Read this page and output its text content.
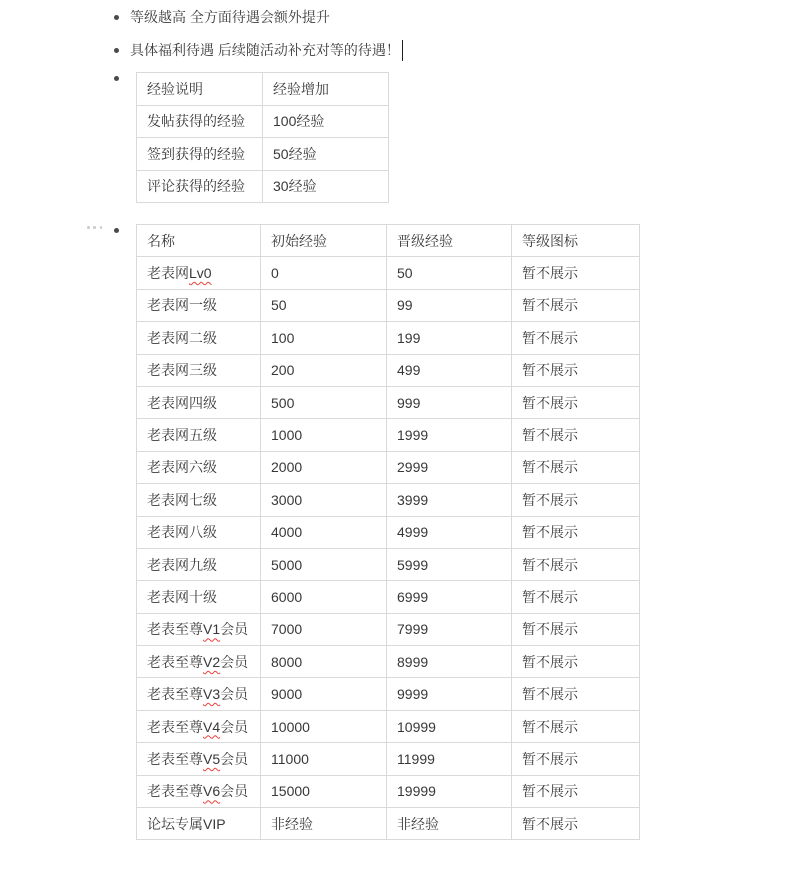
等级越高 全方面待遇会额外提升
具体福利待遇 后续随活动补充对等的待遇！
经验说明	经验增加
发帖获得的经验	100经验
签到获得的经验	50经验
评论获得的经验	30经验
名称	初始经验	晋级经验	等级图标
老表网Lv0	0	50	暂不展示
老表网一级	50	99	暂不展示
老表网二级	100	199	暂不展示
老表网三级	200	499	暂不展示
老表网四级	500	999	暂不展示
老表网五级	1000	1999	暂不展示
老表网六级	2000	2999	暂不展示
老表网七级	3000	3999	暂不展示
老表网八级	4000	4999	暂不展示
老表网九级	5000	5999	暂不展示
老表网十级	6000	6999	暂不展示
老表至尊V1会员	7000	7999	暂不展示
老表至尊V2会员	8000	8999	暂不展示
老表至尊V3会员	9000	9999	暂不展示
老表至尊V4会员	10000	10999	暂不展示
老表至尊V5会员	11000	11999	暂不展示
老表至尊V6会员	15000	19999	暂不展示
论坛专属VIP	非经验	非经验	暂不展示
